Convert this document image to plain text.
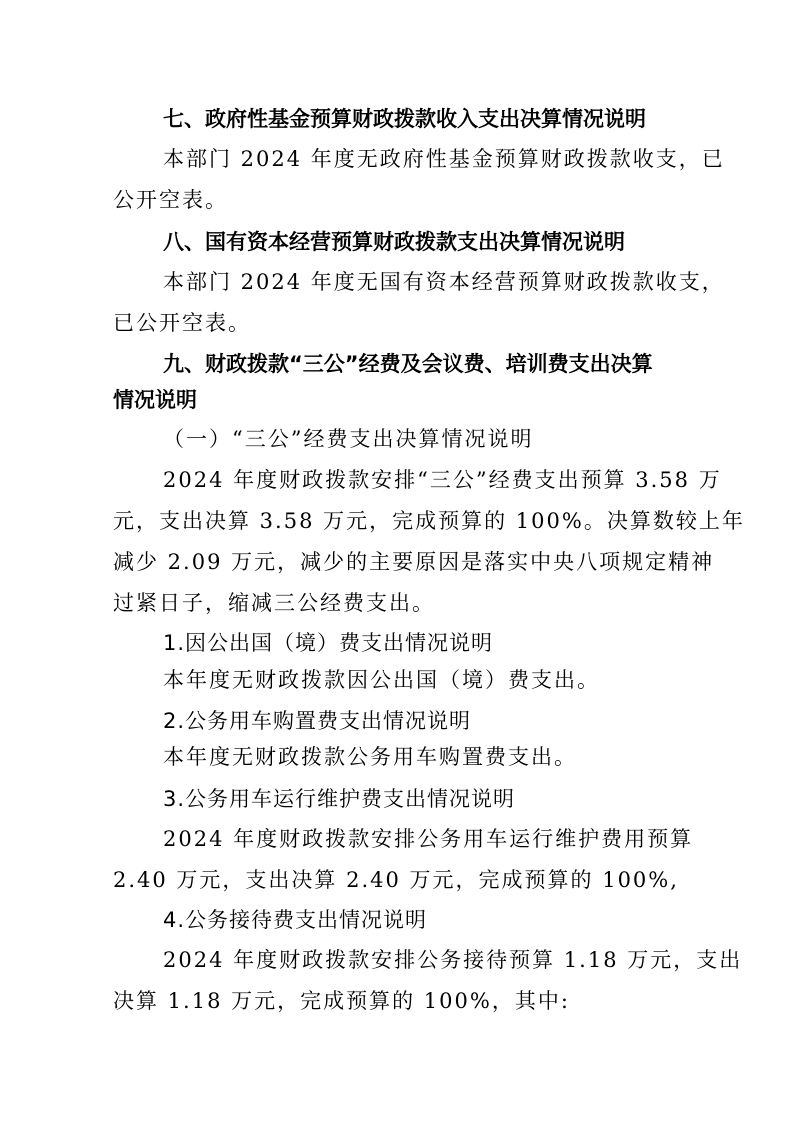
七、政府性基金预算财政拨款收入支出决算情况说明
本部门 2024 年度无政府性基金预算财政拨款收支，已
公开空表。
八、国有资本经营预算财政拨款支出决算情况说明
本部门 2024 年度无国有资本经营预算财政拨款收支，
已公开空表。
九、财政拨款“三公”经费及会议费、培训费支出决算
情况说明
（一）“三公”经费支出决算情况说明
2024 年度财政拨款安排“三公”经费支出预算 3.58 万
元，支出决算 3.58 万元，完成预算的 100%。决算数较上年
减少 2.09 万元，减少的主要原因是落实中央八项规定精神
过紧日子，缩减三公经费支出。
1.因公出国（境）费支出情况说明
本年度无财政拨款因公出国（境）费支出。
2.公务用车购置费支出情况说明
本年度无财政拨款公务用车购置费支出。
3.公务用车运行维护费支出情况说明
2024 年度财政拨款安排公务用车运行维护费用预算
2.40 万元，支出决算 2.40 万元，完成预算的 100%,
4.公务接待费支出情况说明
2024 年度财政拨款安排公务接待预算 1.18 万元，支出
决算 1.18 万元，完成预算的 100%，其中:
